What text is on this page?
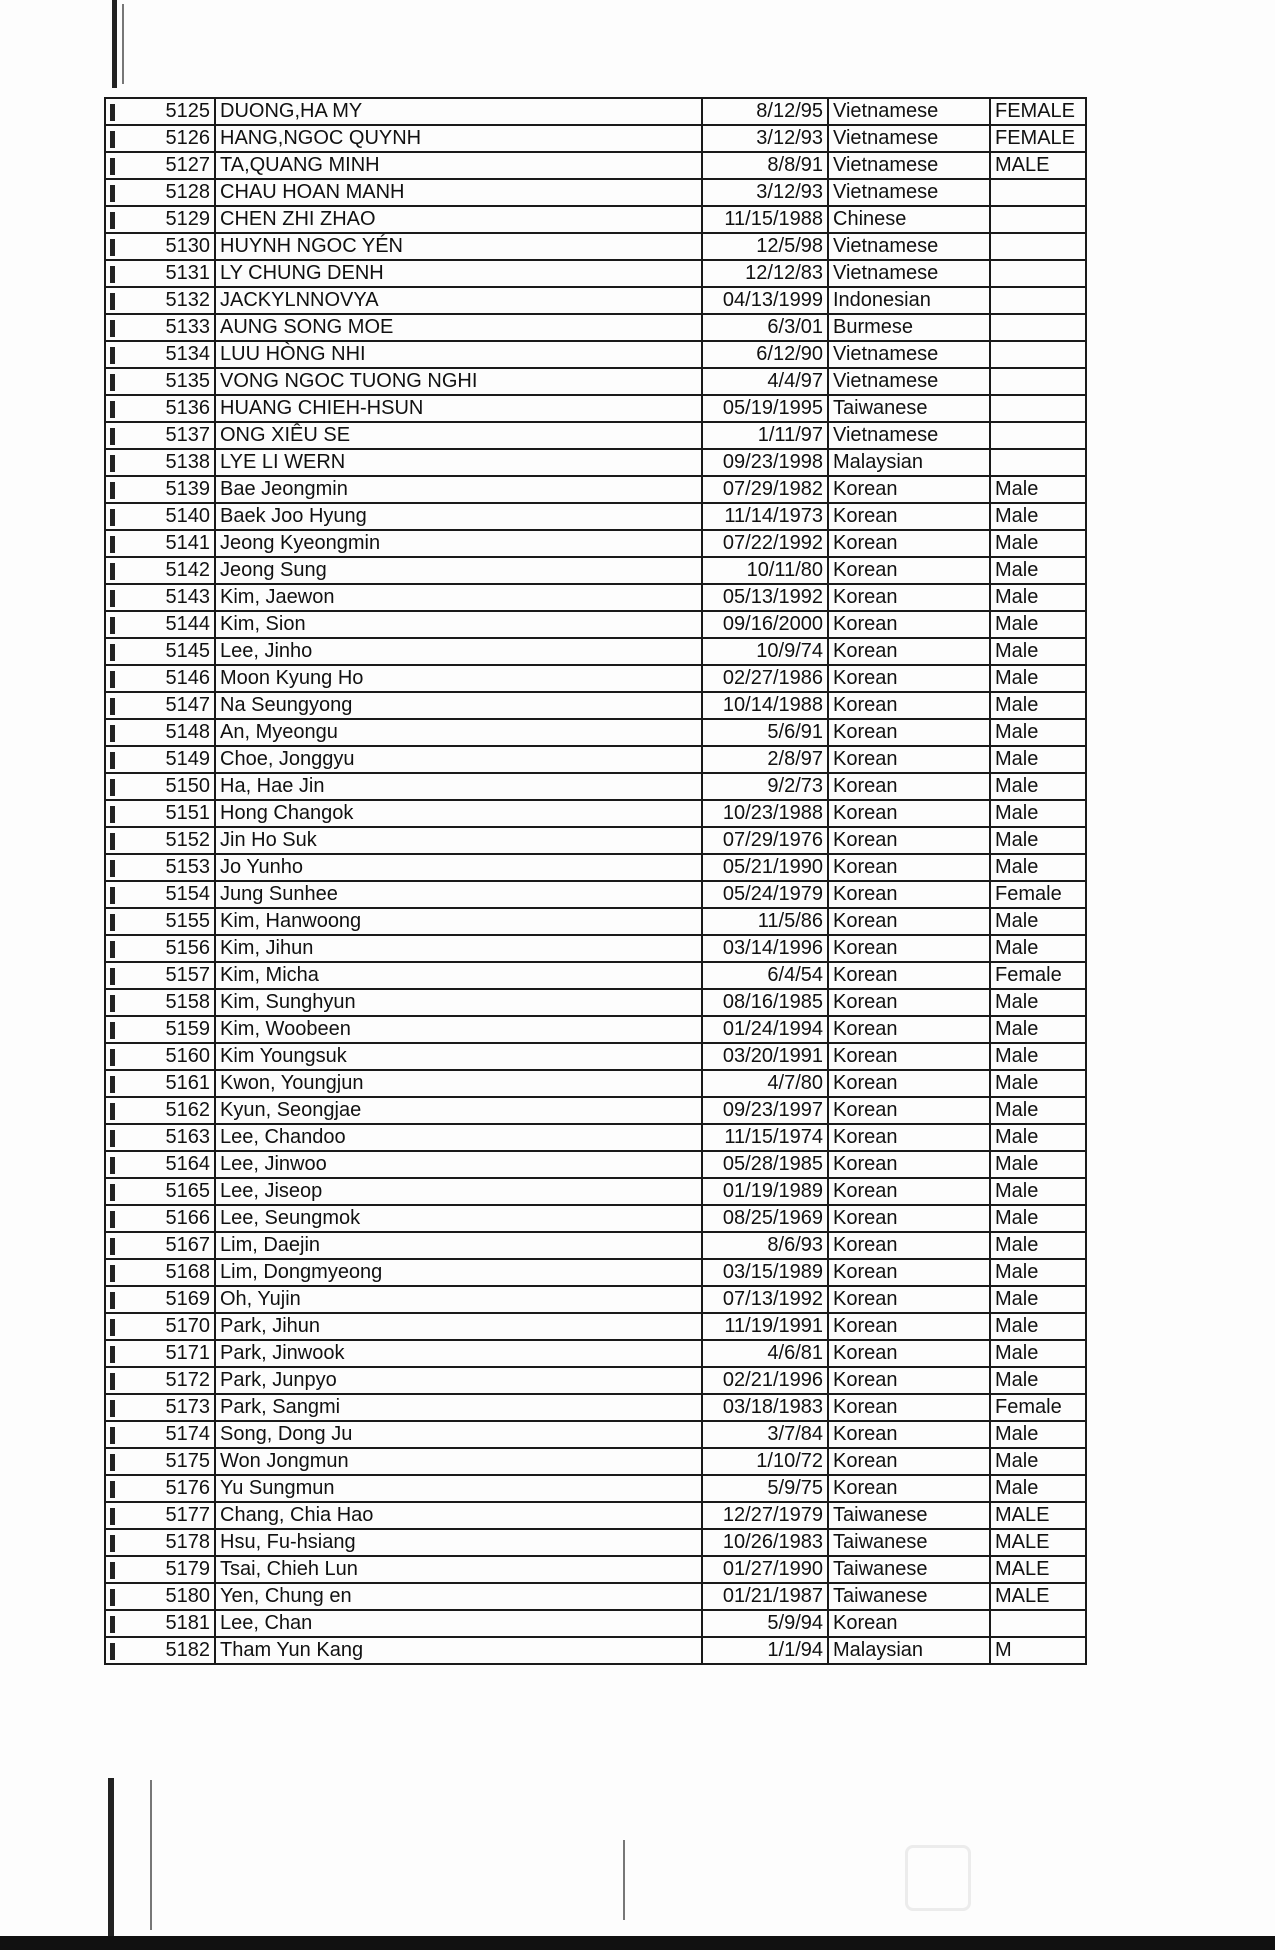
5125	DUONG,HA MY	8/12/95	Vietnamese	FEMALE

5126	HANG,NGOC QUYNH	3/12/93	Vietnamese	FEMALE

5127	TA,QUANG MINH	8/8/91	Vietnamese	MALE

5128	CHAU HOAN MANH	3/12/93	Vietnamese	

5129	CHEN ZHI ZHAO	11/15/1988	Chinese	

5130	HUYNH NGOC YÉN	12/5/98	Vietnamese	

5131	LY CHUNG DENH	12/12/83	Vietnamese	

5132	JACKYLNNOVYA	04/13/1999	Indonesian	

5133	AUNG SONG MOE	6/3/01	Burmese	

5134	LUU HÒNG NHI	6/12/90	Vietnamese	

5135	VONG NGOC TUONG NGHI	4/4/97	Vietnamese	

5136	HUANG CHIEH-HSUN	05/19/1995	Taiwanese	

5137	ONG XIÊU SE	1/11/97	Vietnamese	

5138	LYE LI WERN	09/23/1998	Malaysian	

5139	Bae Jeongmin	07/29/1982	Korean	Male

5140	Baek Joo Hyung	11/14/1973	Korean	Male

5141	Jeong Kyeongmin	07/22/1992	Korean	Male

5142	Jeong Sung	10/11/80	Korean	Male

5143	Kim, Jaewon	05/13/1992	Korean	Male

5144	Kim, Sion	09/16/2000	Korean	Male

5145	Lee, Jinho	10/9/74	Korean	Male

5146	Moon Kyung Ho	02/27/1986	Korean	Male

5147	Na Seungyong	10/14/1988	Korean	Male

5148	An, Myeongu	5/6/91	Korean	Male

5149	Choe, Jonggyu	2/8/97	Korean	Male

5150	Ha, Hae Jin	9/2/73	Korean	Male

5151	Hong Changok	10/23/1988	Korean	Male

5152	Jin Ho Suk	07/29/1976	Korean	Male

5153	Jo Yunho	05/21/1990	Korean	Male

5154	Jung Sunhee	05/24/1979	Korean	Female

5155	Kim, Hanwoong	11/5/86	Korean	Male

5156	Kim, Jihun	03/14/1996	Korean	Male

5157	Kim, Micha	6/4/54	Korean	Female

5158	Kim, Sunghyun	08/16/1985	Korean	Male

5159	Kim, Woobeen	01/24/1994	Korean	Male

5160	Kim Youngsuk	03/20/1991	Korean	Male

5161	Kwon, Youngjun	4/7/80	Korean	Male

5162	Kyun, Seongjae	09/23/1997	Korean	Male

5163	Lee, Chandoo	11/15/1974	Korean	Male

5164	Lee, Jinwoo	05/28/1985	Korean	Male

5165	Lee, Jiseop	01/19/1989	Korean	Male

5166	Lee, Seungmok	08/25/1969	Korean	Male

5167	Lim, Daejin	8/6/93	Korean	Male

5168	Lim, Dongmyeong	03/15/1989	Korean	Male

5169	Oh, Yujin	07/13/1992	Korean	Male

5170	Park, Jihun	11/19/1991	Korean	Male

5171	Park, Jinwook	4/6/81	Korean	Male

5172	Park, Junpyo	02/21/1996	Korean	Male

5173	Park, Sangmi	03/18/1983	Korean	Female

5174	Song, Dong Ju	3/7/84	Korean	Male

5175	Won Jongmun	1/10/72	Korean	Male

5176	Yu Sungmun	5/9/75	Korean	Male

5177	Chang, Chia Hao	12/27/1979	Taiwanese	MALE

5178	Hsu, Fu-hsiang	10/26/1983	Taiwanese	MALE

5179	Tsai, Chieh Lun	01/27/1990	Taiwanese	MALE

5180	Yen, Chung en	01/21/1987	Taiwanese	MALE

5181	Lee, Chan	5/9/94	Korean	

5182	Tham Yun Kang	1/1/94	Malaysian	M
